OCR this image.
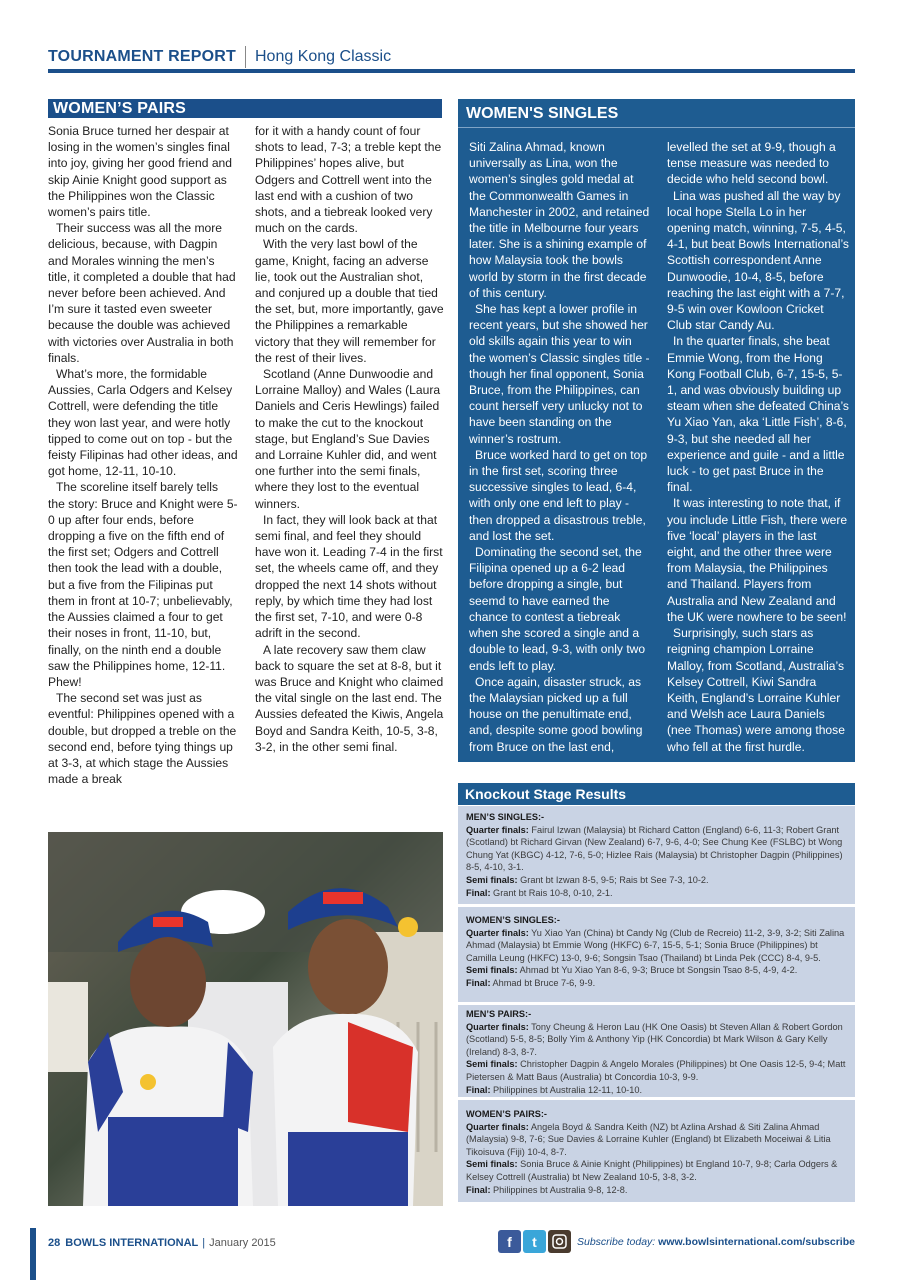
TOURNAMENT REPORT Hong Kong Classic
WOMEN’S PAIRS

Sonia Bruce turned her despair at losing in the women’s singles final into joy, giving her good friend and skip Ainie Knight good support as the Philippines won the Classic women’s pairs title.

Their success was all the more delicious, because, with Dagpin and Morales winning the men’s title, it completed a double that had never before been achieved. And I’m sure it tasted even sweeter because the double was achieved with victories over Australia in both finals.

What’s more, the formidable Aussies, Carla Odgers and Kelsey Cottrell, were defending the title they won last year, and were hotly tipped to come out on top - but the feisty Filipinas had other ideas, and got home, 12-11, 10-10.

The scoreline itself barely tells the story: Bruce and Knight were 5-0 up after four ends, before dropping a five on the fifth end of the first set; Odgers and Cottrell then took the lead with a double, but a five from the Filipinas put them in front at 10-7; unbelievably, the Aussies claimed a four to get their noses in front, 11-10, but, finally, on the ninth end a double saw the Philippines home, 12-11. Phew!

The second set was just as eventful: Philippines opened with a double, but dropped a treble on the second end, before tying things up at 3-3, at which stage the Aussies made a break

for it with a handy count of four shots to lead, 7-3; a treble kept the Philippines’ hopes alive, but Odgers and Cottrell went into the last end with a cushion of two shots, and a tiebreak looked very much on the cards.

With the very last bowl of the game, Knight, facing an adverse lie, took out the Australian shot, and conjured up a double that tied the set, but, more importantly, gave the Philippines a remarkable victory that they will remember for the rest of their lives.

Scotland (Anne Dunwoodie and Lorraine Malloy) and Wales (Laura Daniels and Ceris Hewlings) failed to make the cut to the knockout stage, but England’s Sue Davies and Lorraine Kuhler did, and went one further into the semi finals, where they lost to the eventual winners.

In fact, they will look back at that semi final, and feel they should have won it. Leading 7-4 in the first set, the wheels came off, and they dropped the next 14 shots without reply, by which time they had lost the first set, 7-10, and were 0-8 adrift in the second.

A late recovery saw them claw back to square the set at 8-8, but it was Bruce and Knight who claimed the vital single on the last end. The Aussies defeated the Kiwis, Angela Boyd and Sandra Keith, 10-5, 3-8, 3-2, in the other semi final.

WOMEN'S SINGLES

Siti Zalina Ahmad, known universally as Lina, won the women’s singles gold medal at the Commonwealth Games in Manchester in 2002, and retained the title in Melbourne four years later. She is a shining example of how Malaysia took the bowls world by storm in the first decade of this century.

She has kept a lower profile in recent years, but she showed her old skills again this year to win the women’s Classic singles title - though her final opponent, Sonia Bruce, from the Philippines, can count herself very unlucky not to have been standing on the winner’s rostrum.

Bruce worked hard to get on top in the first set, scoring three successive singles to lead, 6-4, with only one end left to play - then dropped a disastrous treble, and lost the set.

Dominating the second set, the Filipina opened up a 6-2 lead before dropping a single, but seemd to have earned the chance to contest a tiebreak when she scored a single and a double to lead, 9-3, with only two ends left to play.

Once again, disaster struck, as the Malaysian picked up a full house on the penultimate end, and, despite some good bowling from Bruce on the last end,

levelled the set at 9-9, though a tense measure was needed to decide who held second bowl.

Lina was pushed all the way by local hope Stella Lo in her opening match, winning, 7-5, 4-5, 4-1, but beat Bowls International’s Scottish correspondent Anne Dunwoodie, 10-4, 8-5, before reaching the last eight with a 7-7, 9-5 win over Kowloon Cricket Club star Candy Au.

In the quarter finals, she beat Emmie Wong, from the Hong Kong Football Club, 6-7, 15-5, 5-1, and was obviously building up steam when she defeated China’s Yu Xiao Yan, aka ‘Little Fish’, 8-6, 9-3, but she needed all her experience and guile - and a little luck - to get past Bruce in the final.

It was interesting to note that, if you include Little Fish, there were five ‘local’ players in the last eight, and the other three were from Malaysia, the Philippines and Thailand. Players from Australia and New Zealand and the UK were nowhere to be seen!

Surprisingly, such stars as reigning champion Lorraine Malloy, from Scotland, Australia’s Kelsey Cottrell, Kiwi Sandra Keith, England’s Lorraine Kuhler and Welsh ace Laura Daniels (nee Thomas) were among those who fell at the first hurdle.

Knockout Stage Results
MEN’S SINGLES:-
Quarter finals: Fairul Izwan (Malaysia) bt Richard Catton (England) 6-6, 11-3; Robert Grant (Scotland) bt Richard Girvan (New Zealand) 6-7, 9-6, 4-0; See Chung Kee (FSLBC) bt Wong Chung Yat (KBGC) 4-12, 7-6, 5-0; Hizlee Rais (Malaysia) bt Christopher Dagpin (Philippines) 8-5, 4-10, 3-1.
Semi finals: Grant bt Izwan 8-5, 9-5; Rais bt See 7-3, 10-2.
Final: Grant bt Rais 10-8, 0-10, 2-1.
WOMEN’S SINGLES:-
Quarter finals: Yu Xiao Yan (China) bt Candy Ng (Club de Recreio) 11-2, 3-9, 3-2; Siti Zalina Ahmad (Malaysia) bt Emmie Wong (HKFC) 6-7, 15-5, 5-1; Sonia Bruce (Philippines) bt Camilla Leung (HKFC) 13-0, 9-6; Songsin Tsao (Thailand) bt Linda Pek (CCC) 8-4, 9-5.
Semi finals: Ahmad bt Yu Xiao Yan 8-6, 9-3; Bruce bt Songsin Tsao 8-5, 4-9, 4-2.
Final: Ahmad bt Bruce 7-6, 9-9.
MEN’S PAIRS:-
Quarter finals: Tony Cheung & Heron Lau (HK One Oasis) bt Steven Allan & Robert Gordon (Scotland) 5-5, 8-5; Bolly Yim & Anthony Yip (HK Concordia) bt Mark Wilson & Gary Kelly (Ireland) 8-3, 8-7.
Semi finals: Christopher Dagpin & Angelo Morales (Philippines) bt One Oasis 12-5, 9-4; Matt Pietersen & Matt Baus (Australia) bt Concordia 10-3, 9-9.
Final: Philippines bt Australia 12-11, 10-10.
WOMEN’S PAIRS:-
Quarter finals: Angela Boyd & Sandra Keith (NZ) bt Azlina Arshad & Siti Zalina Ahmad (Malaysia) 9-8, 7-6; Sue Davies & Lorraine Kuhler (England) bt Elizabeth Moceiwai & Litia Tikoisuva (Fiji) 10-4, 8-7.
Semi finals: Sonia Bruce & Ainie Knight (Philippines) bt England 10-7, 9-8; Carla Odgers & Kelsey Cottrell (Australia) bt New Zealand 10-5, 3-8, 3-2.
Final: Philippines bt Australia 9-8, 12-8.
28 BOWLS INTERNATIONAL | January 2015	f	t	Subscribe today: www.bowlsinternational.com/subscribe
